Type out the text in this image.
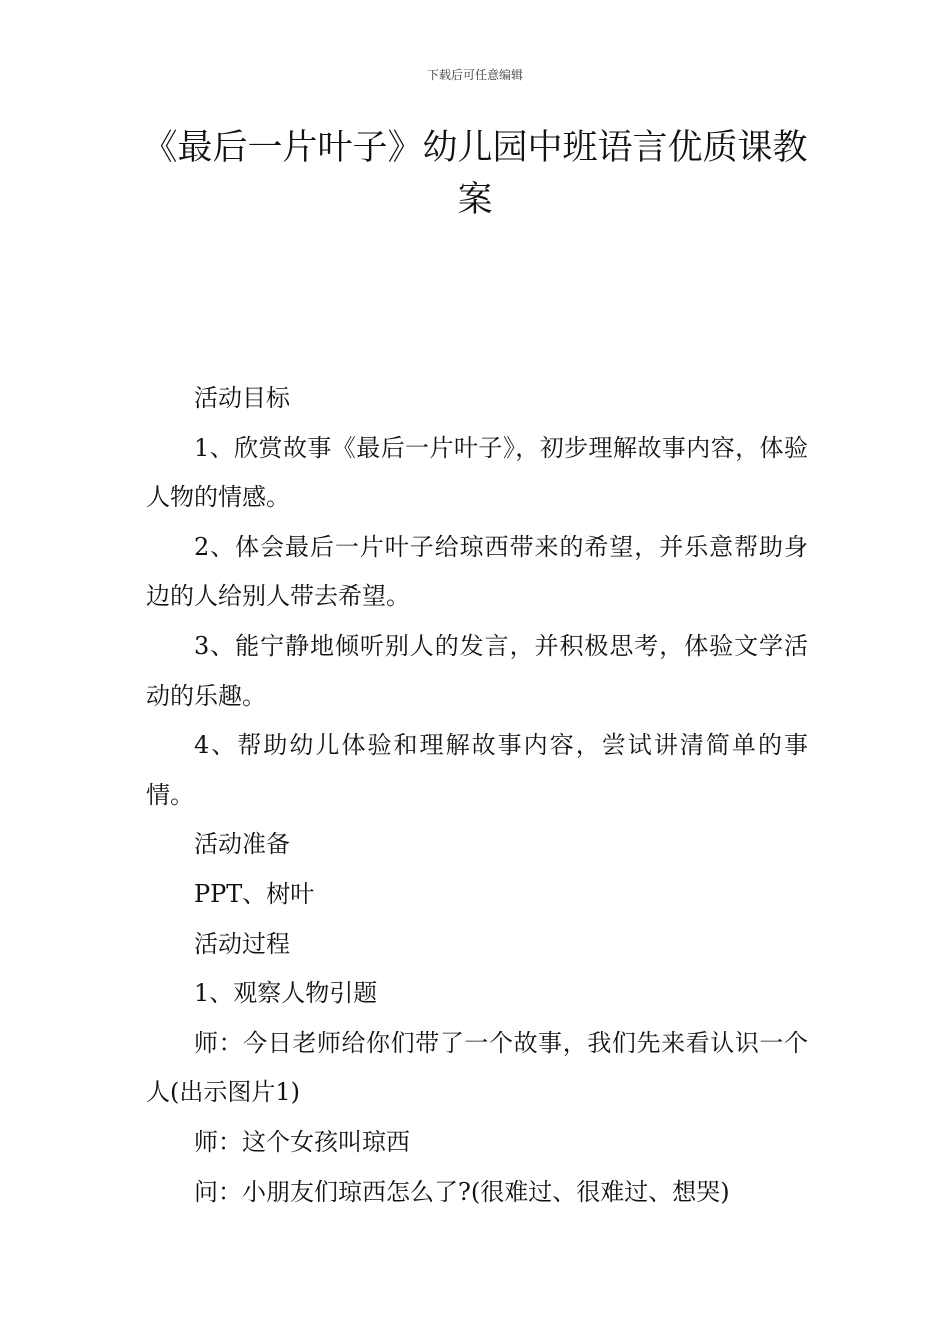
下载后可任意编辑
《最后一片叶子》幼儿园中班语言优质课教案

活动目标

1、欣赏故事《最后一片叶子》，初步理解故事内容，体验人物的情感。

2、体会最后一片叶子给琼西带来的希望，并乐意帮助身边的人给别人带去希望。

3、能宁静地倾听别人的发言，并积极思考，体验文学活动的乐趣。

4、帮助幼儿体验和理解故事内容，尝试讲清简单的事情。

活动准备

PPT、树叶

活动过程

1、观察人物引题

师：今日老师给你们带了一个故事，我们先来看认识一个人(出示图片1)

师：这个女孩叫琼西

问：小朋友们琼西怎么了?(很难过、很难过、想哭)
